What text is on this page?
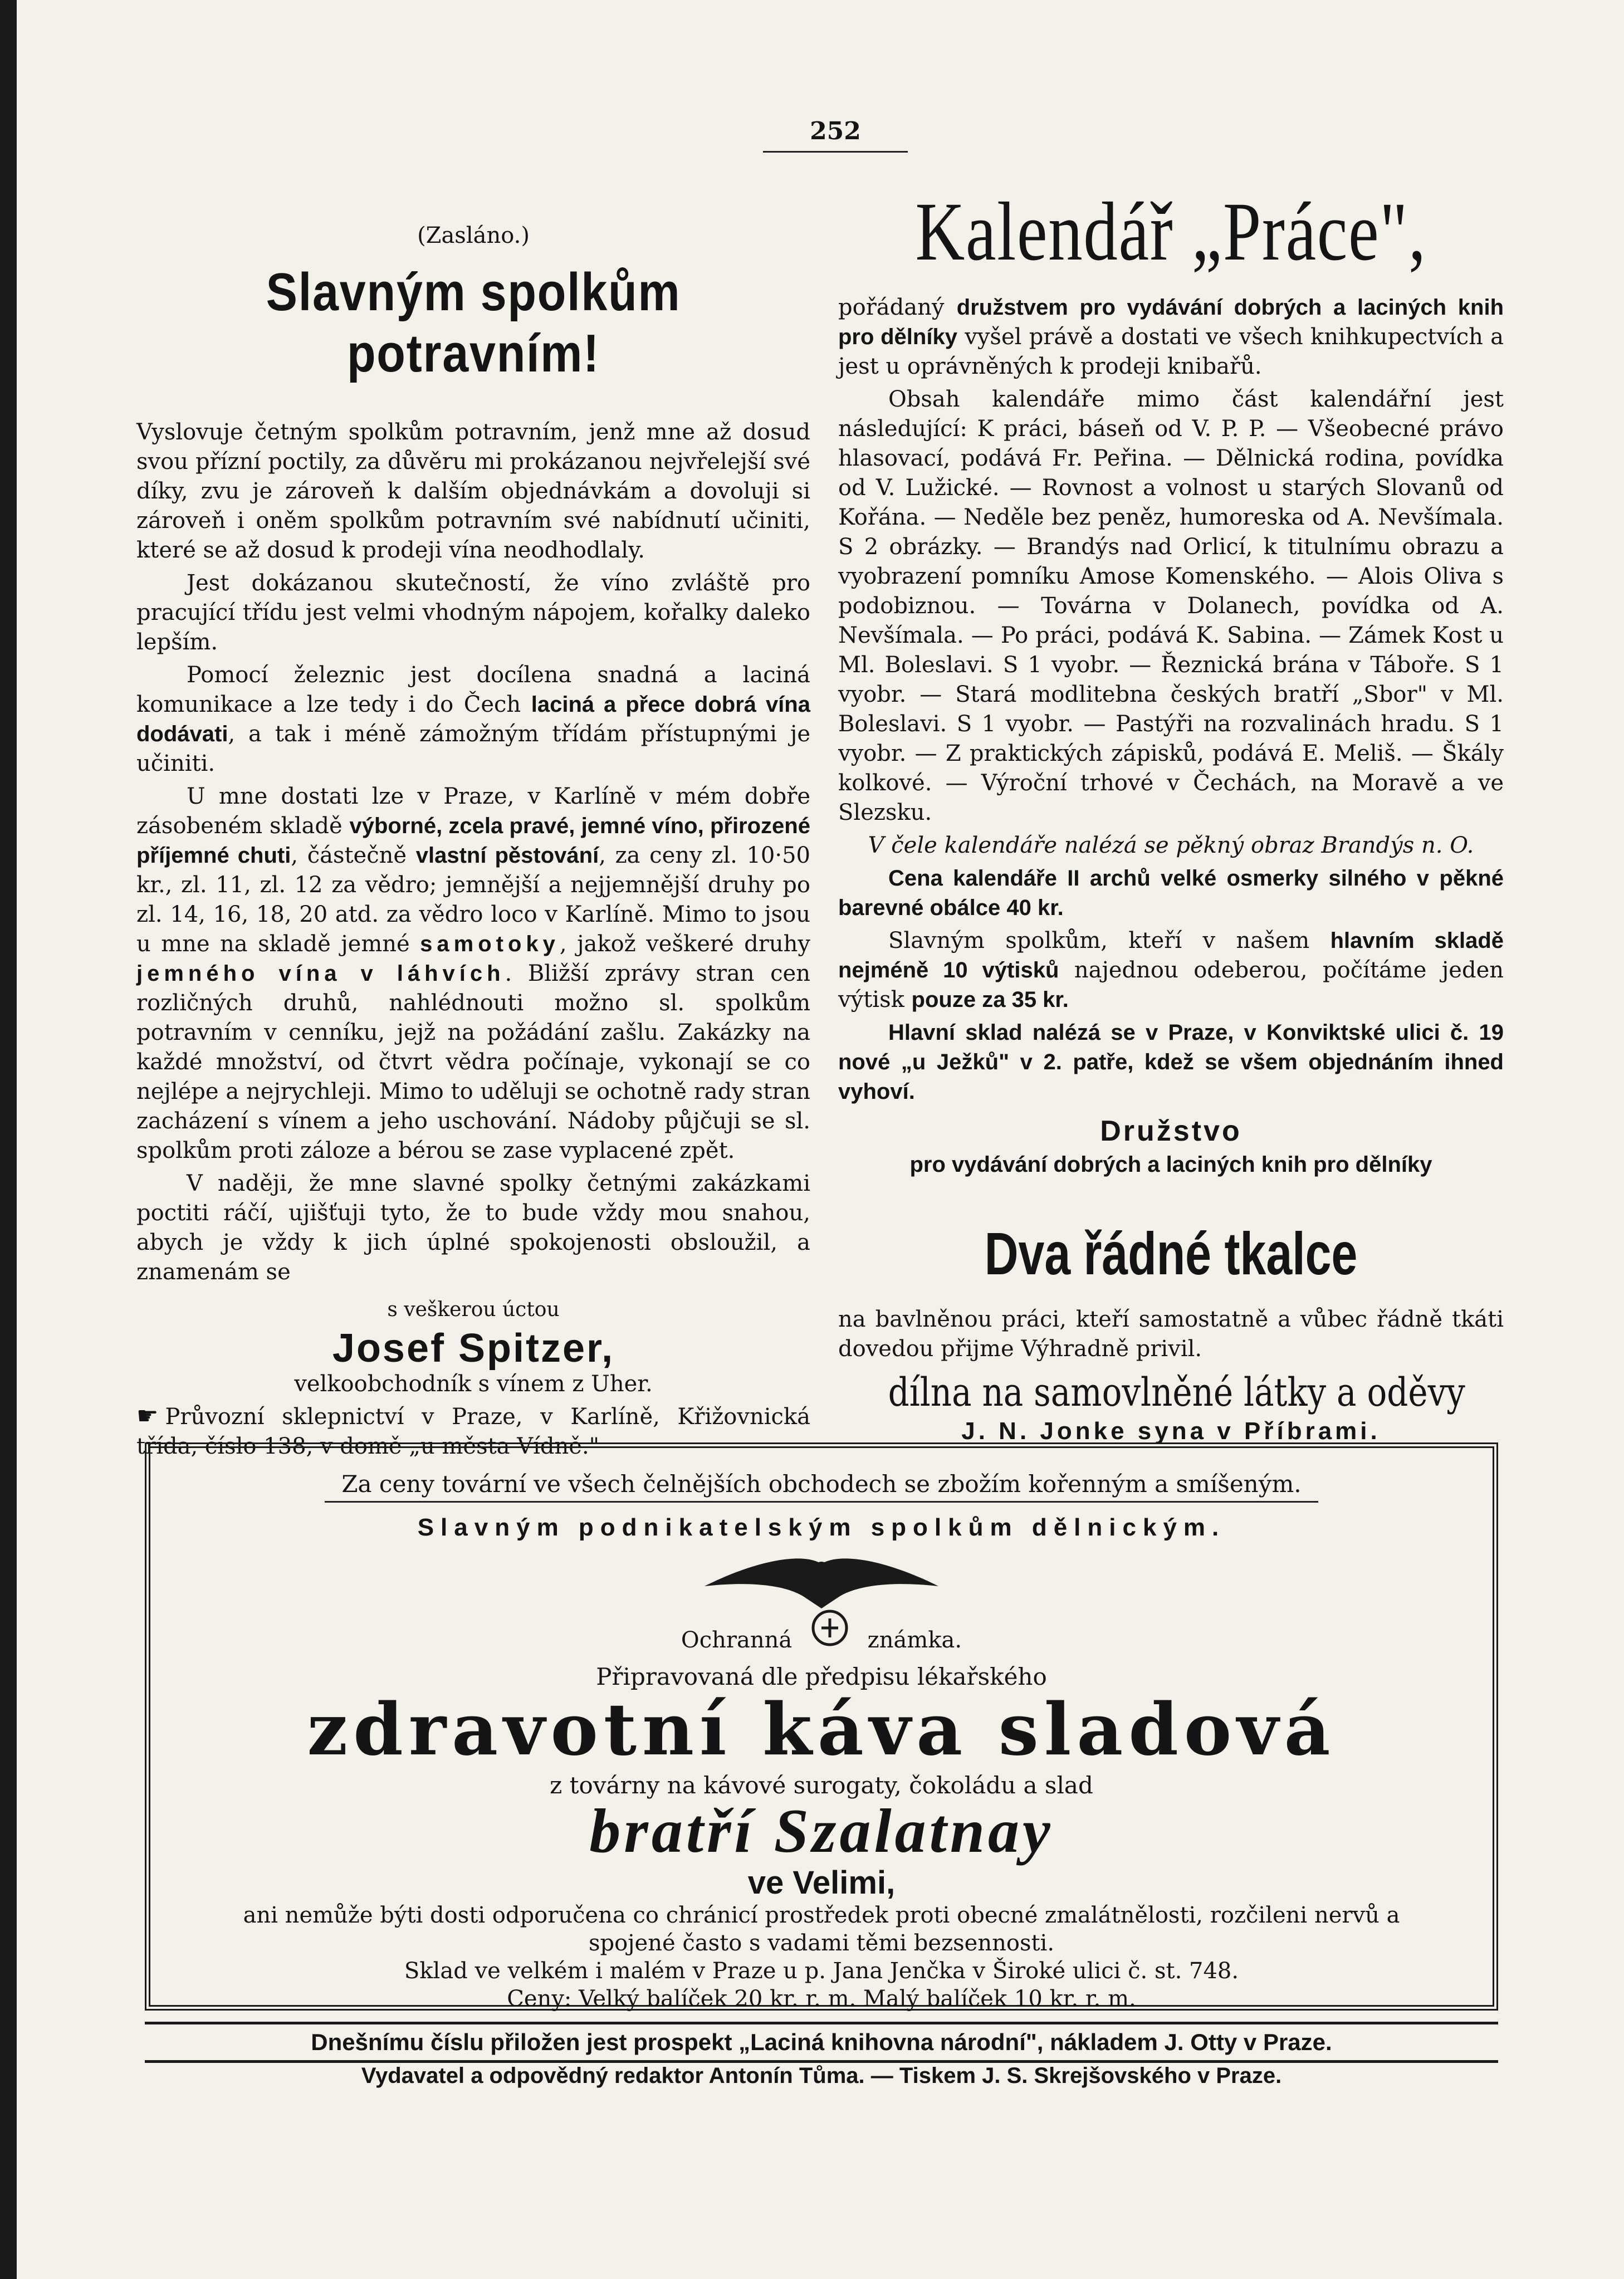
252
(Zasláno.)
Slavným spolkům potravním!

Vyslovuje četným spolkům potravním, jenž mne až dosud svou přízní poctily, za důvěru mi prokázanou nejvřelejší své díky, zvu je zároveň k dalším objednávkám a dovoluji si zároveň i oněm spolkům potravním své nabídnutí učiniti, které se až dosud k prodeji vína neodhodlaly.

Jest dokázanou skutečností, že víno zvláště pro pracující třídu jest velmi vhodným nápojem, kořalky daleko lepším.

Pomocí železnic jest docílena snadná a laciná komunikace a lze tedy i do Čech laciná a přece dobrá vína dodávati, a tak i méně zámožným třídám přístupnými je učiniti.

U mne dostati lze v Praze, v Karlíně v mém dobře zásobeném skladě výborné, zcela pravé, jemné víno, přirozené příjemné chuti, částečně vlastní pěstování, za ceny zl. 10·50 kr., zl. 11, zl. 12 za vědro; jemnější a nejjemnější druhy po zl. 14, 16, 18, 20 atd. za vědro loco v Karlíně. Mimo to jsou u mne na skladě jemné samotoky, jakož veškeré druhy jemného vína v láhvích. Bližší zprávy stran cen rozličných druhů, nahlédnouti možno sl. spolkům potravním v cenníku, jejž na požádání zašlu. Zakázky na každé množství, od čtvrt vědra počínaje, vykonají se co nejlépe a nejrychleji. Mimo to uděluji se ochotně rady stran zacházení s vínem a jeho uschování. Nádoby půjčuji se sl. spolkům proti záloze a bérou se zase vyplacené zpět.

V naději, že mne slavné spolky četnými zakázkami poctiti ráčí, ujišťuji tyto, že to bude vždy mou snahou, abych je vždy k jich úplné spokojenosti obsloužil, a znamenám se

s veškerou úctou
Josef Spitzer,
velkoobchodník s vínem z Uher.

☛ Průvozní sklepnictví v Praze, v Karlíně, Křižovnická třída, číslo 138, v domě „u města Vídně."

Kalendář „Práce",

pořádaný družstvem pro vydávání dobrých a laciných knih pro dělníky vyšel právě a dostati ve všech knihkupectvích a jest u oprávněných k prodeji knibařů.

Obsah kalendáře mimo část kalendářní jest následující: K práci, báseň od V. P. P. — Všeobecné právo hlasovací, podává Fr. Peřina. — Dělnická rodina, povídka od V. Lužické. — Rovnost a volnost u starých Slovanů od Kořána. — Neděle bez peněz, humoreska od A. Nevšímala. S 2 obrázky. — Brandýs nad Orlicí, k titulnímu obrazu a vyobrazení pomníku Amose Komenského. — Alois Oliva s podobiznou. — Továrna v Dolanech, povídka od A. Nevšímala. — Po práci, podává K. Sabina. — Zámek Kost u Ml. Boleslavi. S 1 vyobr. — Řeznická brána v Táboře. S 1 vyobr. — Stará modlitebna českých bratří „Sbor" v Ml. Boleslavi. S 1 vyobr. — Pastýři na rozvalinách hradu. S 1 vyobr. — Z praktických zápisků, podává E. Meliš. — Škály kolkové. — Výroční trhové v Čechách, na Moravě a ve Slezsku.

V čele kalendáře nalézá se pěkný obraz Brandýs n. O.

Cena kalendáře II archů velké osmerky silného v pěkné barevné obálce 40 kr.

Slavným spolkům, kteří v našem hlavním skladě nejméně 10 výtisků najednou odeberou, počítáme jeden výtisk pouze za 35 kr.

Hlavní sklad nalézá se v Praze, v Konviktské ulici č. 19 nové „u Ježků" v 2. patře, kdež se všem objednáním ihned vyhoví.

Družstvo

pro vydávání dobrých a laciných knih pro dělníky

Dva řádné tkalce

na bavlněnou práci, kteří samostatně a vůbec řádně tkáti dovedou přijme Výhradně privil.

dílna na samovlněné látky a oděvy
J. N. Jonke syna v Příbrami.
Za ceny tovární ve všech čelnějších obchodech se zbožím kořenným a smíšeným.
Slavným podnikatelským spolkům dělnickým.
Ochranná	známka.
Připravovaná dle předpisu lékařského
zdravotní káva sladová
z továrny na kávové surogaty, čokoládu a slad
bratří Szalatnay
ve Velimi,
ani nemůže býti dosti odporučena co chránicí prostředek proti obecné zmalátnělosti, rozčileni nervů a spojené často s vadami těmi bezsennosti.
Sklad ve velkém i malém v Praze u p. Jana Jenčka v Široké ulici č. st. 748.
Ceny: Velký balíček 20 kr. r. m. Malý balíček 10 kr. r. m.
Dnešnímu číslu přiložen jest prospekt „Laciná knihovna národní", nákladem J. Otty v Praze.
Vydavatel a odpovědný redaktor Antonín Tůma. — Tiskem J. S. Skrejšovského v Praze.
